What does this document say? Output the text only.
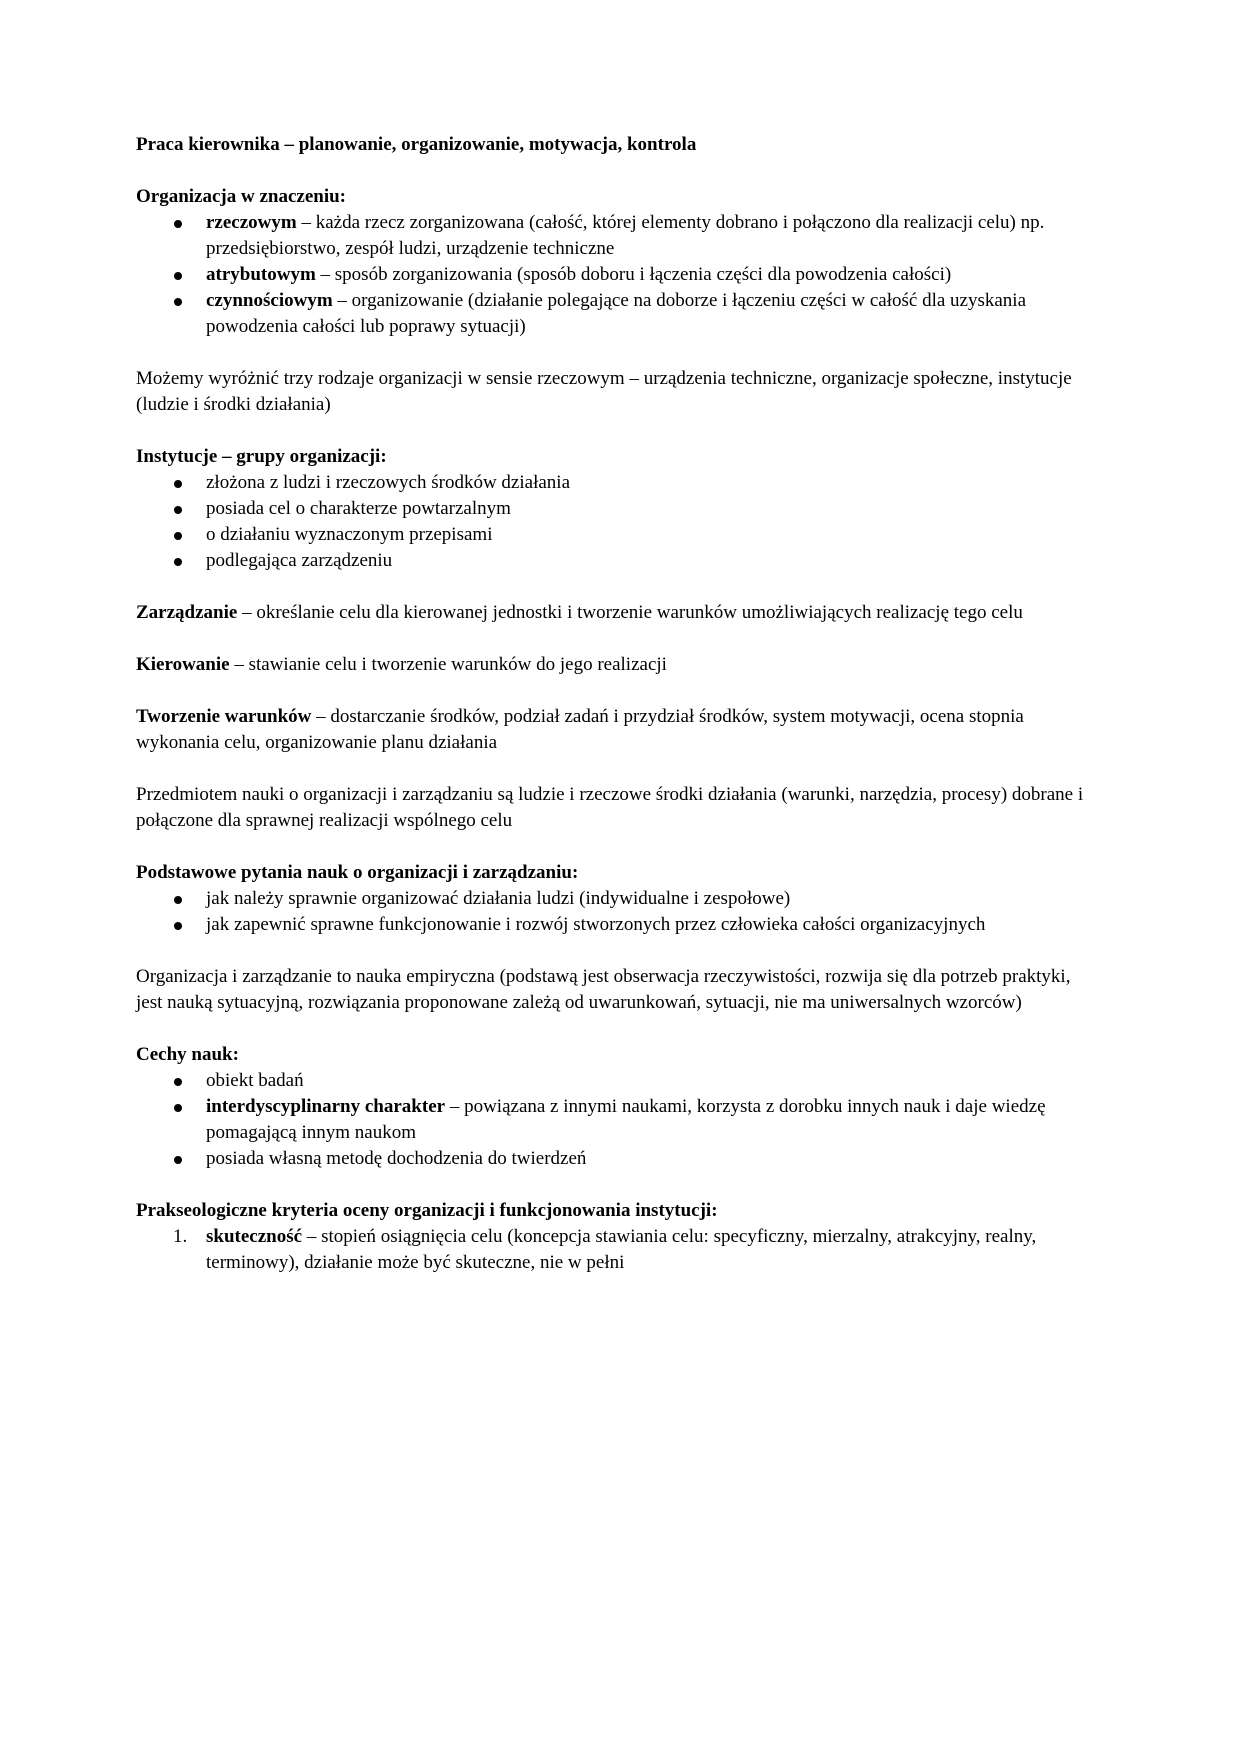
Praca kierownika – planowanie, organizowanie, motywacja, kontrola

Organizacja w znaczeniu:

rzeczowym – każda rzecz zorganizowana (całość, której elementy dobrano i połączono dla realizacji celu) np. przedsiębiorstwo, zespół ludzi, urządzenie techniczne
atrybutowym – sposób zorganizowania (sposób doboru i łączenia części dla powodzenia całości)
czynnościowym – organizowanie (działanie polegające na doborze i łączeniu części w całość dla uzyskania powodzenia całości lub poprawy sytuacji)

Możemy wyróżnić trzy rodzaje organizacji w sensie rzeczowym – urządzenia techniczne, organizacje społeczne, instytucje (ludzie i środki działania)

Instytucje – grupy organizacji:

złożona z ludzi i rzeczowych środków działania
posiada cel o charakterze powtarzalnym
o działaniu wyznaczonym przepisami
podlegająca zarządzeniu

Zarządzanie – określanie celu dla kierowanej jednostki i tworzenie warunków umożliwiających realizację tego celu

Kierowanie – stawianie celu i tworzenie warunków do jego realizacji

Tworzenie warunków – dostarczanie środków, podział zadań i przydział środków, system motywacji, ocena stopnia wykonania celu, organizowanie planu działania

Przedmiotem nauki o organizacji i zarządzaniu są ludzie i rzeczowe środki działania (warunki, narzędzia, procesy) dobrane i połączone dla sprawnej realizacji wspólnego celu

Podstawowe pytania nauk o organizacji i zarządzaniu:

jak należy sprawnie organizować działania ludzi (indywidualne i zespołowe)
jak zapewnić sprawne funkcjonowanie i rozwój stworzonych przez człowieka całości organizacyjnych

Organizacja i zarządzanie to nauka empiryczna (podstawą jest obserwacja rzeczywistości, rozwija się dla potrzeb praktyki, jest nauką sytuacyjną, rozwiązania proponowane zależą od uwarunkowań, sytuacji, nie ma uniwersalnych wzorców)

Cechy nauk:

obiekt badań
interdyscyplinarny charakter – powiązana z innymi naukami, korzysta z dorobku innych nauk i daje wiedzę pomagającą innym naukom
posiada własną metodę dochodzenia do twierdzeń

Prakseologiczne kryteria oceny organizacji i funkcjonowania instytucji:

1. skuteczność – stopień osiągnięcia celu (koncepcja stawiania celu: specyficzny, mierzalny, atrakcyjny, realny, terminowy), działanie może być skuteczne, nie w pełni
